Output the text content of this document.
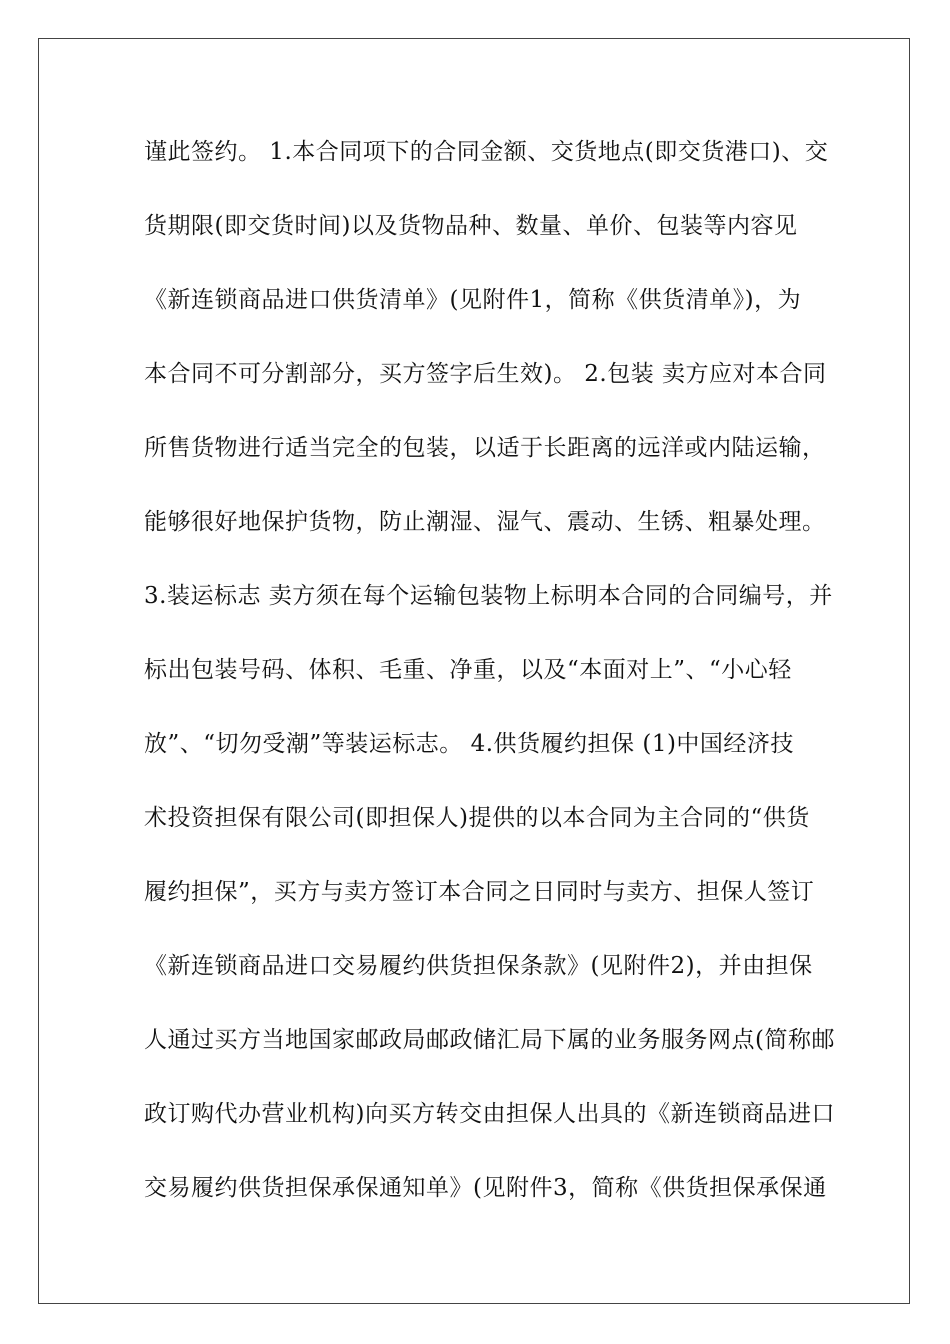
谨此签约。 1.本合同项下的合同金额、交货地点(即交货港口)、交
货期限(即交货时间)以及货物品种、数量、单价、包装等内容见
《新连锁商品进口供货清单》(见附件1，简称《供货清单》)，为
本合同不可分割部分，买方签字后生效)。 2.包装 卖方应对本合同
所售货物进行适当完全的包装，以适于长距离的远洋或内陆运输，
能够很好地保护货物，防止潮湿、湿气、震动、生锈、粗暴处理。
3.装运标志 卖方须在每个运输包装物上标明本合同的合同编号，并
标出包装号码、体积、毛重、净重，以及“本面对上”、“小心轻
放”、“切勿受潮”等装运标志。 4.供货履约担保 (1)中国经济技
术投资担保有限公司(即担保人)提供的以本合同为主合同的“供货
履约担保”，买方与卖方签订本合同之日同时与卖方、担保人签订
《新连锁商品进口交易履约供货担保条款》(见附件2)，并由担保
人通过买方当地国家邮政局邮政储汇局下属的业务服务网点(简称邮
政订购代办营业机构)向买方转交由担保人出具的《新连锁商品进口
交易履约供货担保承保通知单》(见附件3，简称《供货担保承保通
